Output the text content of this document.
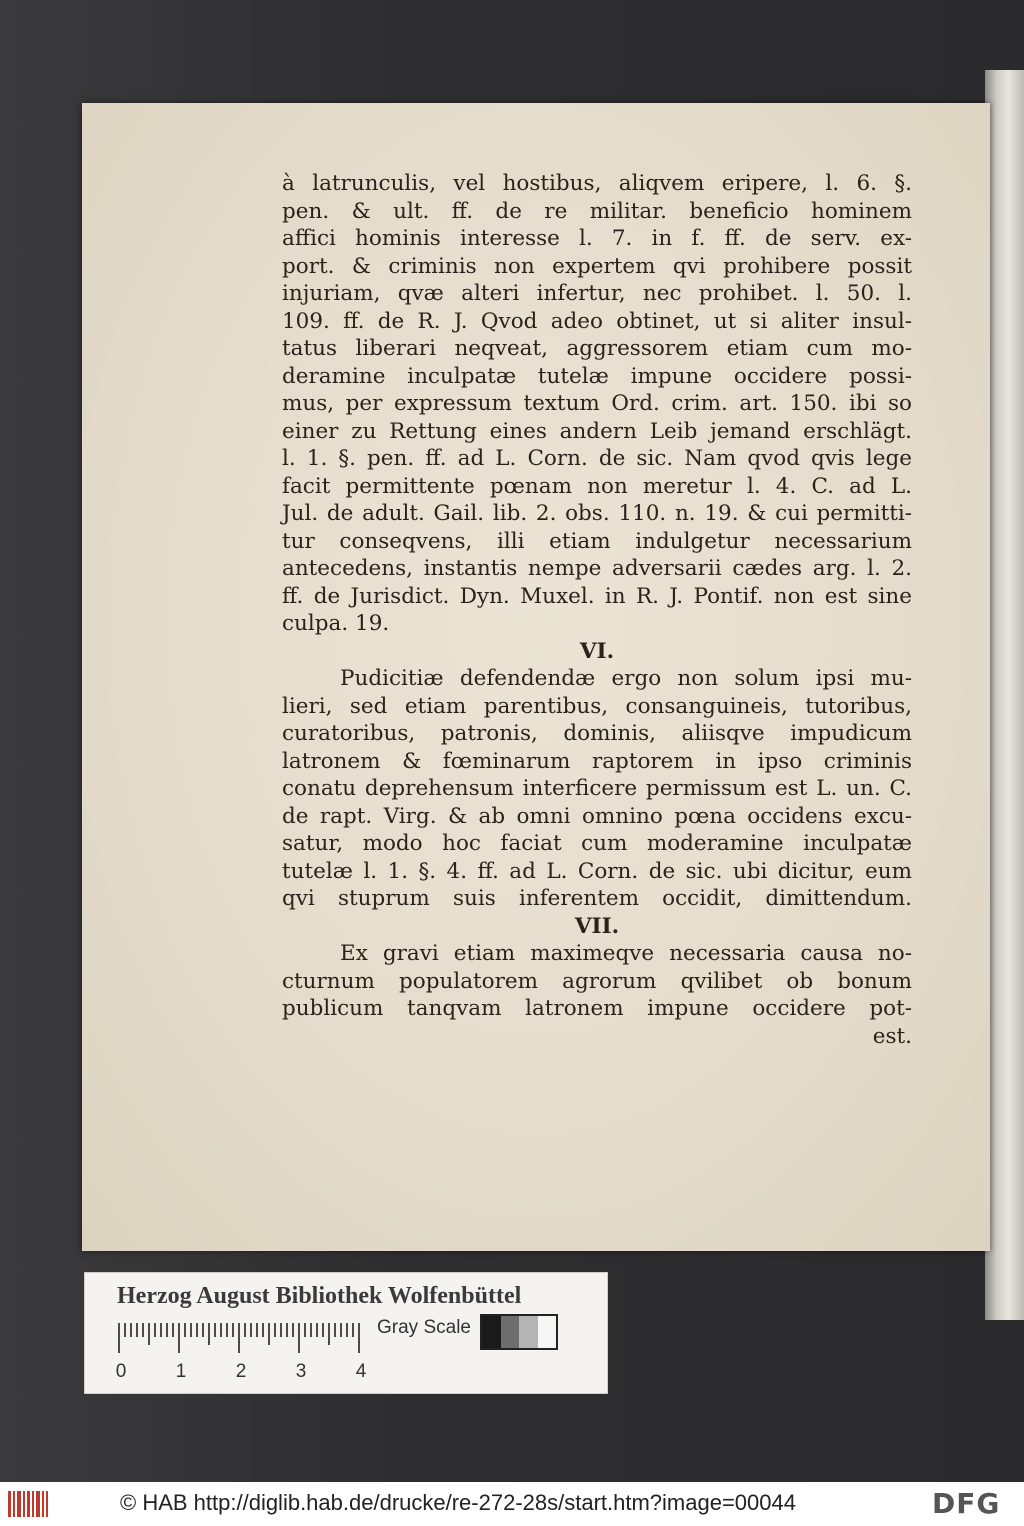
à latrunculis, vel hostibus, aliqvem eripere, l. 6. §.
pen. & ult. ff. de re militar. beneficio hominem
affici hominis interesse l. 7. in f. ff. de serv. ex-
port. & criminis non expertem qvi prohibere possit
injuriam, qvæ alteri infertur, nec prohibet. l. 50. l.
109. ff. de R. J. Qvod adeo obtinet, ut si aliter insul-
tatus liberari neqveat, aggressorem etiam cum mo-
deramine inculpatæ tutelæ impune occidere possi-
mus, per expressum textum Ord. crim. art. 150. ibi so
einer zu Rettung eines andern Leib jemand erschlägt.
l. 1. §. pen. ff. ad L. Corn. de sic. Nam qvod qvis lege
facit permittente pœnam non meretur l. 4. C. ad L.
Jul. de adult. Gail. lib. 2. obs. 110. n. 19. & cui permitti-
tur conseqvens, illi etiam indulgetur necessarium
antecedens, instantis nempe adversarii cædes arg. l. 2.
ff. de Jurisdict. Dyn. Muxel. in R. J. Pontif. non est sine
culpa. 19.
VI.
Pudicitiæ defendendæ ergo non solum ipsi mu-
lieri, sed etiam parentibus, consanguineis, tutoribus,
curatoribus, patronis, dominis, aliisqve impudicum
latronem & fœminarum raptorem in ipso criminis
conatu deprehensum interficere permissum est L. un. C.
de rapt. Virg. & ab omni omnino pœna occidens excu-
satur, modo hoc faciat cum moderamine inculpatæ
tutelæ l. 1. §. 4. ff. ad L. Corn. de sic. ubi dicitur, eum
qvi stuprum suis inferentem occidit, dimittendum.
VII.
Ex gravi etiam maximeqve necessaria causa no-
cturnum populatorem agrorum qvilibet ob bonum
publicum tanqvam latronem impune occidere pot-
est.
Herzog August Bibliothek Wolfenbüttel
0	1	2	3	4
Gray Scale
© HAB http://diglib.hab.de/drucke/re-272-28s/start.htm?image=00044	DFG
